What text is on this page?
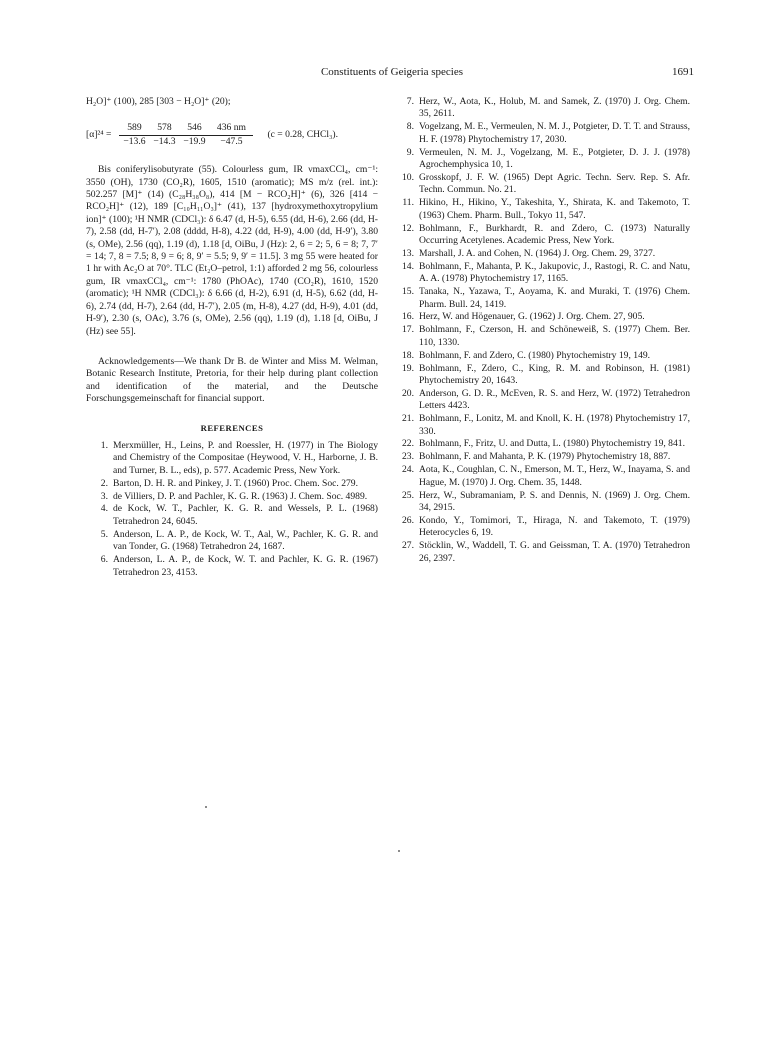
Constituents of Geigeria species	1691

H₂O]⁺ (100), 285 [303 − H₂O]⁺ (20);

[α]²⁴ = 589	578	546	436 nm
−13.6 −14.3 −19.9	−47.5 (c = 0.28, CHCl₃).

Bis coniferylisobutyrate (55). Colourless gum, IR νmaxCCl₄, cm⁻¹: 3550 (OH), 1730 (CO₂R), 1605, 1510 (aromatic); MS m/z (rel. int.): 502.257 [M]⁺ (14) (C₂₈H₃₈O₈), 414 [M − RCO₂H]⁺ (6), 326 [414 − RCO₂H]⁺ (12), 189 [C₁₀H₁₁O₃]⁺ (41), 137 [hydroxymethoxytropylium ion]⁺ (100); ¹H NMR (CDCl₃): δ 6.47 (d, H-5), 6.55 (dd, H-6), 2.66 (dd, H-7), 2.58 (dd, H-7′), 2.08 (dddd, H-8), 4.22 (dd, H-9), 4.00 (dd, H-9′), 3.80 (s, OMe), 2.56 (qq), 1.19 (d), 1.18 [d, OiBu, J (Hz): 2, 6 = 2; 5, 6 = 8; 7, 7′ = 14; 7, 8 = 7.5; 8, 9 = 6; 8, 9′ = 5.5; 9, 9′ = 11.5]. 3 mg 55 were heated for 1 hr with Ac₂O at 70°. TLC (Et₂O–petrol, 1:1) afforded 2 mg 56, colourless gum, IR νmaxCCl₄, cm⁻¹: 1780 (PhOAc), 1740 (CO₂R), 1610, 1520 (aromatic); ¹H NMR (CDCl₃): δ 6.66 (d, H-2), 6.91 (d, H-5), 6.62 (dd, H-6), 2.74 (dd, H-7), 2.64 (dd, H-7′), 2.05 (m, H-8), 4.27 (dd, H-9), 4.01 (dd, H-9′), 2.30 (s, OAc), 3.76 (s, OMe), 2.56 (qq), 1.19 (d), 1.18 [d, OiBu, J (Hz) see 55].

Acknowledgements—We thank Dr B. de Winter and Miss M. Welman, Botanic Research Institute, Pretoria, for their help during plant collection and identification of the material, and the Deutsche Forschungsgemeinschaft for financial support.

REFERENCES
1. Merxmüller, H., Leins, P. and Roessler, H. (1977) in The Biology and Chemistry of the Compositae (Heywood, V. H., Harborne, J. B. and Turner, B. L., eds), p. 577. Academic Press, New York.
2. Barton, D. H. R. and Pinkey, J. T. (1960) Proc. Chem. Soc. 279.
3. de Villiers, D. P. and Pachler, K. G. R. (1963) J. Chem. Soc. 4989.
4. de Kock, W. T., Pachler, K. G. R. and Wessels, P. L. (1968) Tetrahedron 24, 6045.
5. Anderson, L. A. P., de Kock, W. T., Aal, W., Pachler, K. G. R. and van Tonder, G. (1968) Tetrahedron 24, 1687.
6. Anderson, L. A. P., de Kock, W. T. and Pachler, K. G. R. (1967) Tetrahedron 23, 4153.
7. Herz, W., Aota, K., Holub, M. and Samek, Z. (1970) J. Org. Chem. 35, 2611.
8. Vogelzang, M. E., Vermeulen, N. M. J., Potgieter, D. T. T. and Strauss, H. F. (1978) Phytochemistry 17, 2030.
9. Vermeulen, N. M. J., Vogelzang, M. E., Potgieter, D. J. J. (1978) Agrochemphysica 10, 1.
10. Grosskopf, J. F. W. (1965) Dept Agric. Techn. Serv. Rep. S. Afr. Techn. Commun. No. 21.
11. Hikino, H., Hikino, Y., Takeshita, Y., Shirata, K. and Takemoto, T. (1963) Chem. Pharm. Bull., Tokyo 11, 547.
12. Bohlmann, F., Burkhardt, R. and Zdero, C. (1973) Naturally Occurring Acetylenes. Academic Press, New York.
13. Marshall, J. A. and Cohen, N. (1964) J. Org. Chem. 29, 3727.
14. Bohlmann, F., Mahanta, P. K., Jakupovic, J., Rastogi, R. C. and Natu, A. A. (1978) Phytochemistry 17, 1165.
15. Tanaka, N., Yazawa, T., Aoyama, K. and Muraki, T. (1976) Chem. Pharm. Bull. 24, 1419.
16. Herz, W. and Högenauer, G. (1962) J. Org. Chem. 27, 905.
17. Bohlmann, F., Czerson, H. and Schöneweiß, S. (1977) Chem. Ber. 110, 1330.
18. Bohlmann, F. and Zdero, C. (1980) Phytochemistry 19, 149.
19. Bohlmann, F., Zdero, C., King, R. M. and Robinson, H. (1981) Phytochemistry 20, 1643.
20. Anderson, G. D. R., McEven, R. S. and Herz, W. (1972) Tetrahedron Letters 4423.
21. Bohlmann, F., Lonitz, M. and Knoll, K. H. (1978) Phytochemistry 17, 330.
22. Bohlmann, F., Fritz, U. and Dutta, L. (1980) Phytochemistry 19, 841.
23. Bohlmann, F. and Mahanta, P. K. (1979) Phytochemistry 18, 887.
24. Aota, K., Coughlan, C. N., Emerson, M. T., Herz, W., Inayama, S. and Hague, M. (1970) J. Org. Chem. 35, 1448.
25. Herz, W., Subramaniam, P. S. and Dennis, N. (1969) J. Org. Chem. 34, 2915.
26. Kondo, Y., Tomimori, T., Hiraga, N. and Takemoto, T. (1979) Heterocycles 6, 19.
27. Stöcklin, W., Waddell, T. G. and Geissman, T. A. (1970) Tetrahedron 26, 2397.
